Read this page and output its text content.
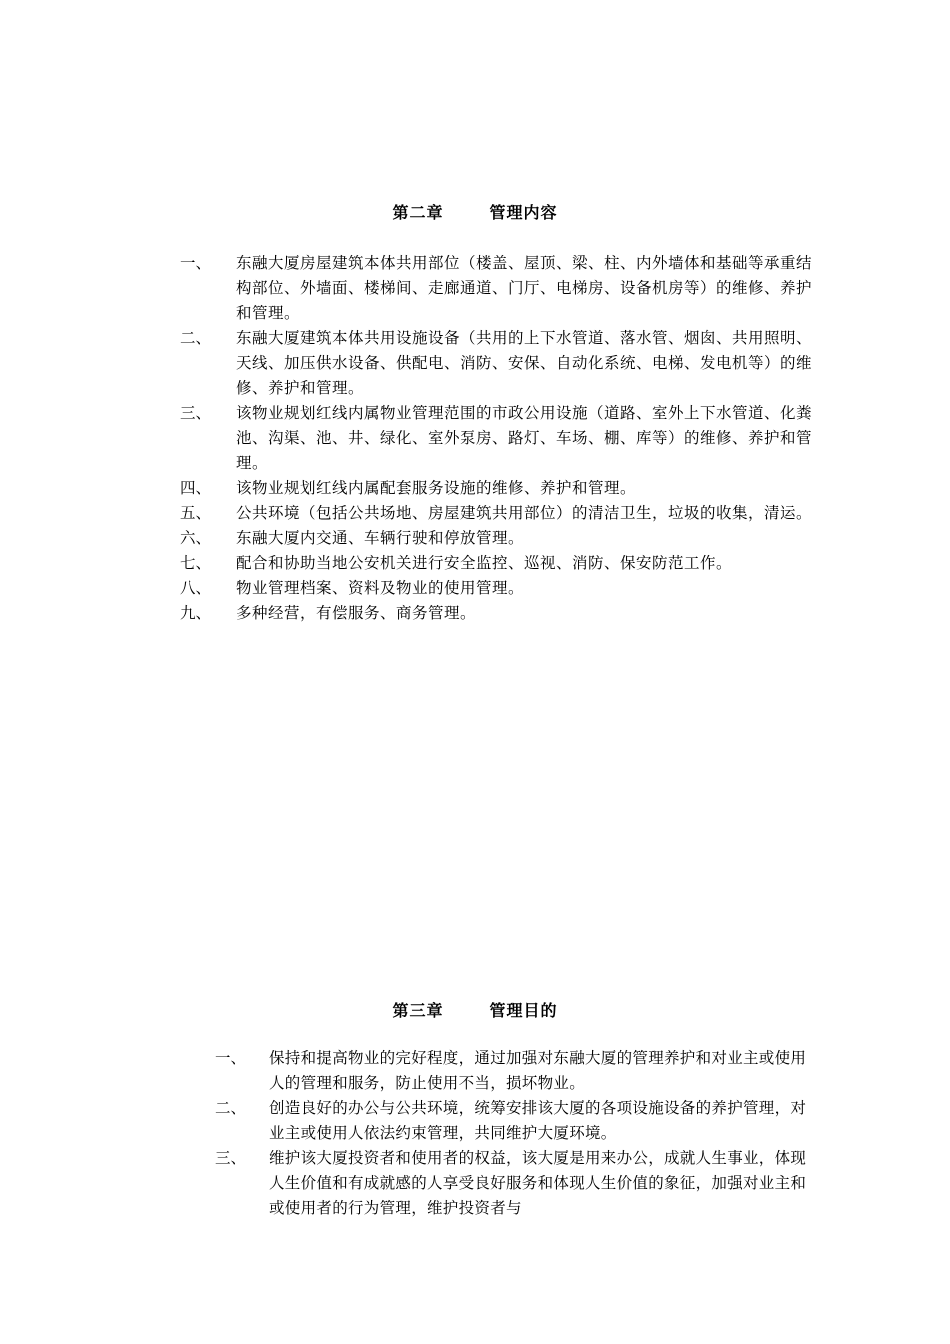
第二章	管理内容
一、 东融大厦房屋建筑本体共用部位（楼盖、屋顶、梁、柱、内外墙体和基础等承重结构部位、外墙面、楼梯间、走廊通道、门厅、电梯房、设备机房等）的维修、养护和管理。
二、 东融大厦建筑本体共用设施设备（共用的上下水管道、落水管、烟囱、共用照明、天线、加压供水设备、供配电、消防、安保、自动化系统、电梯、发电机等）的维修、养护和管理。
三、 该物业规划红线内属物业管理范围的市政公用设施（道路、室外上下水管道、化粪池、沟渠、池、井、绿化、室外泵房、路灯、车场、棚、库等）的维修、养护和管理。
四、 该物业规划红线内属配套服务设施的维修、养护和管理。
五、 公共环境（包括公共场地、房屋建筑共用部位）的清洁卫生，垃圾的收集，清运。
六、 东融大厦内交通、车辆行驶和停放管理。
七、 配合和协助当地公安机关进行安全监控、巡视、消防、保安防范工作。
八、 物业管理档案、资料及物业的使用管理。
九、 多种经营，有偿服务、商务管理。
第三章	管理目的
一、 保持和提高物业的完好程度，通过加强对东融大厦的管理养护和对业主或使用人的管理和服务，防止使用不当，损坏物业。
二、 创造良好的办公与公共环境，统筹安排该大厦的各项设施设备的养护管理，对业主或使用人依法约束管理，共同维护大厦环境。
三、 维护该大厦投资者和使用者的权益，该大厦是用来办公，成就人生事业，体现人生价值和有成就感的人享受良好服务和体现人生价值的象征，加强对业主和或使用者的行为管理，维护投资者与
